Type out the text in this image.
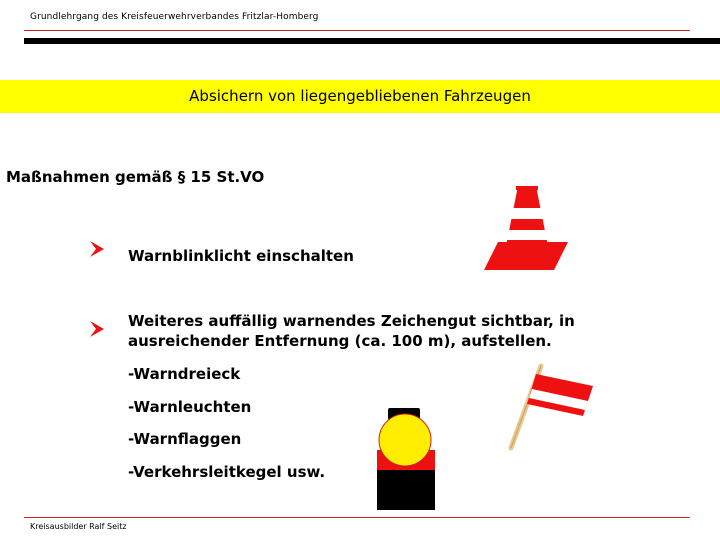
Grundlehrgang des Kreisfeuerwehrverbandes Fritzlar-Homberg
Absichern von liegengebliebenen Fahrzeugen
Maßnahmen gemäß § 15 St.VO
Warnblinklicht einschalten
Weiteres auffällig warnendes Zeichengut sichtbar, in
ausreichender Entfernung (ca. 100 m), aufstellen.
-Warndreieck
-Warnleuchten
-Warnflaggen
-Verkehrsleitkegel usw.
Kreisausbilder Ralf Seitz
